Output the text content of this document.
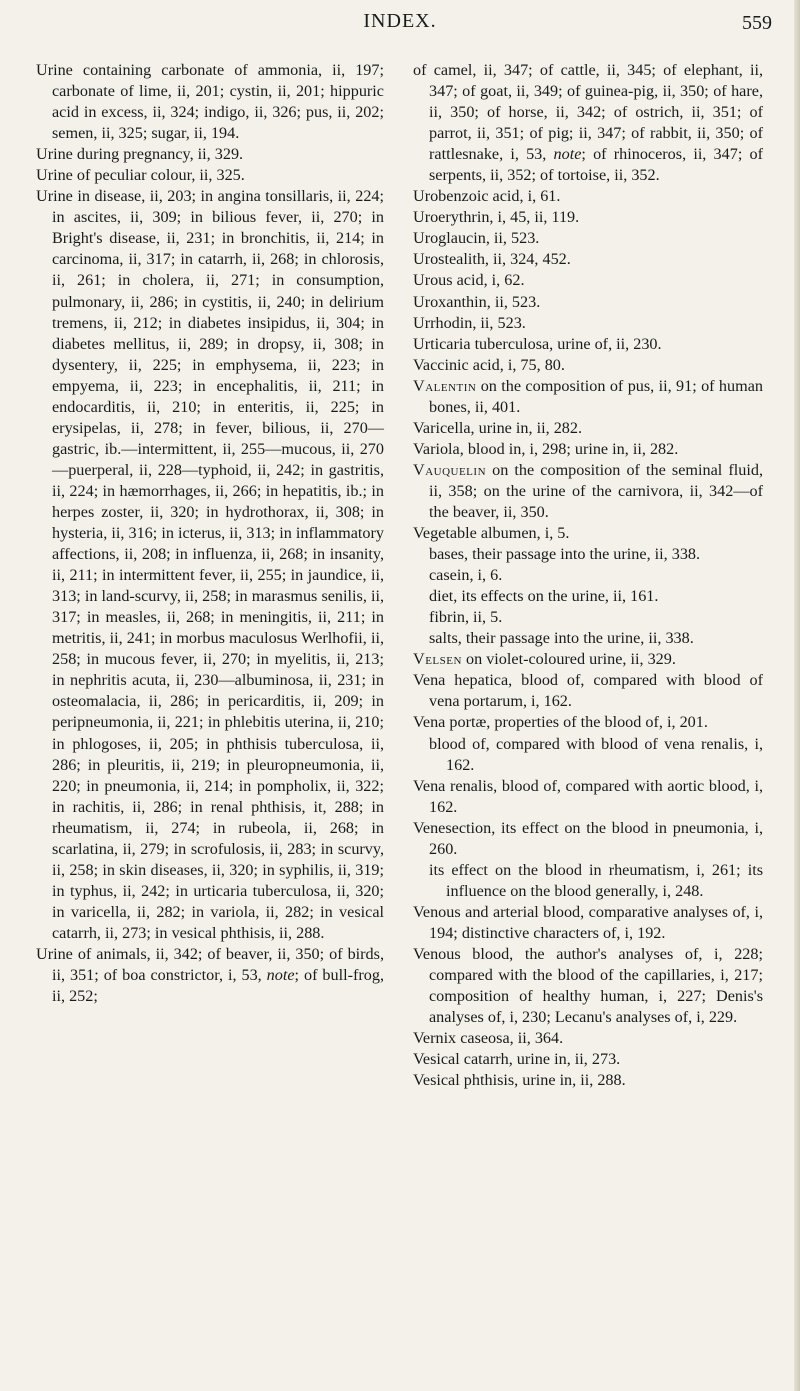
INDEX.	559

Urine containing carbonate of ammonia, ii, 197; carbonate of lime, ii, 201; cystin, ii, 201; hippuric acid in excess, ii, 324; indigo, ii, 326; pus, ii, 202; semen, ii, 325; sugar, ii, 194.

Urine during pregnancy, ii, 329.

Urine of peculiar colour, ii, 325.

Urine in disease, ii, 203; in angina tonsillaris, ii, 224; in ascites, ii, 309; in bilious fever, ii, 270; in Bright's disease, ii, 231; in bronchitis, ii, 214; in carcinoma, ii, 317; in catarrh, ii, 268; in chlorosis, ii, 261; in cholera, ii, 271; in consumption, pulmonary, ii, 286; in cystitis, ii, 240; in delirium tremens, ii, 212; in diabetes insipidus, ii, 304; in diabetes mellitus, ii, 289; in dropsy, ii, 308; in dysentery, ii, 225; in emphysema, ii, 223; in empyema, ii, 223; in encephalitis, ii, 211; in endocarditis, ii, 210; in enteritis, ii, 225; in erysipelas, ii, 278; in fever, bilious, ii, 270—gastric, ib.—intermittent, ii, 255—mucous, ii, 270—puerperal, ii, 228—typhoid, ii, 242; in gastritis, ii, 224; in hæmorrhages, ii, 266; in hepatitis, ib.; in herpes zoster, ii, 320; in hydrothorax, ii, 308; in hysteria, ii, 316; in icterus, ii, 313; in inflammatory affections, ii, 208; in influenza, ii, 268; in insanity, ii, 211; in intermittent fever, ii, 255; in jaundice, ii, 313; in land-scurvy, ii, 258; in marasmus senilis, ii, 317; in measles, ii, 268; in meningitis, ii, 211; in metritis, ii, 241; in morbus maculosus Werlhofii, ii, 258; in mucous fever, ii, 270; in myelitis, ii, 213; in nephritis acuta, ii, 230—albuminosa, ii, 231; in osteomalacia, ii, 286; in pericarditis, ii, 209; in peripneumonia, ii, 221; in phlebitis uterina, ii, 210; in phlogoses, ii, 205; in phthisis tuberculosa, ii, 286; in pleuritis, ii, 219; in pleuropneumonia, ii, 220; in pneumonia, ii, 214; in pompholix, ii, 322; in rachitis, ii, 286; in renal phthisis, it, 288; in rheumatism, ii, 274; in rubeola, ii, 268; in scarlatina, ii, 279; in scrofulosis, ii, 283; in scurvy, ii, 258; in skin diseases, ii, 320; in syphilis, ii, 319; in typhus, ii, 242; in urticaria tuberculosa, ii, 320; in varicella, ii, 282; in variola, ii, 282; in vesical catarrh, ii, 273; in vesical phthisis, ii, 288.

Urine of animals, ii, 342; of beaver, ii, 350; of birds, ii, 351; of boa constrictor, i, 53, note; of bull-frog, ii, 252;

of camel, ii, 347; of cattle, ii, 345; of elephant, ii, 347; of goat, ii, 349; of guinea-pig, ii, 350; of hare, ii, 350; of horse, ii, 342; of ostrich, ii, 351; of parrot, ii, 351; of pig; ii, 347; of rabbit, ii, 350; of rattlesnake, i, 53, note; of rhinoceros, ii, 347; of serpents, ii, 352; of tortoise, ii, 352.

Urobenzoic acid, i, 61.

Uroerythrin, i, 45, ii, 119.

Uroglaucin, ii, 523.

Urostealith, ii, 324, 452.

Urous acid, i, 62.

Uroxanthin, ii, 523.

Urrhodin, ii, 523.

Urticaria tuberculosa, urine of, ii, 230.

Vaccinic acid, i, 75, 80.

Valentin on the composition of pus, ii, 91; of human bones, ii, 401.

Varicella, urine in, ii, 282.

Variola, blood in, i, 298; urine in, ii, 282.

Vauquelin on the composition of the seminal fluid, ii, 358; on the urine of the carnivora, ii, 342—of the beaver, ii, 350.

Vegetable albumen, i, 5.

bases, their passage into the urine, ii, 338.

casein, i, 6.

diet, its effects on the urine, ii, 161.

fibrin, ii, 5.

salts, their passage into the urine, ii, 338.

Velsen on violet-coloured urine, ii, 329.

Vena hepatica, blood of, compared with blood of vena portarum, i, 162.

Vena portæ, properties of the blood of, i, 201.

blood of, compared with blood of vena renalis, i, 162.

Vena renalis, blood of, compared with aortic blood, i, 162.

Venesection, its effect on the blood in pneumonia, i, 260.

its effect on the blood in rheumatism, i, 261; its influence on the blood generally, i, 248.

Venous and arterial blood, comparative analyses of, i, 194; distinctive characters of, i, 192.

Venous blood, the author's analyses of, i, 228; compared with the blood of the capillaries, i, 217; composition of healthy human, i, 227; Denis's analyses of, i, 230; Lecanu's analyses of, i, 229.

Vernix caseosa, ii, 364.

Vesical catarrh, urine in, ii, 273.

Vesical phthisis, urine in, ii, 288.
